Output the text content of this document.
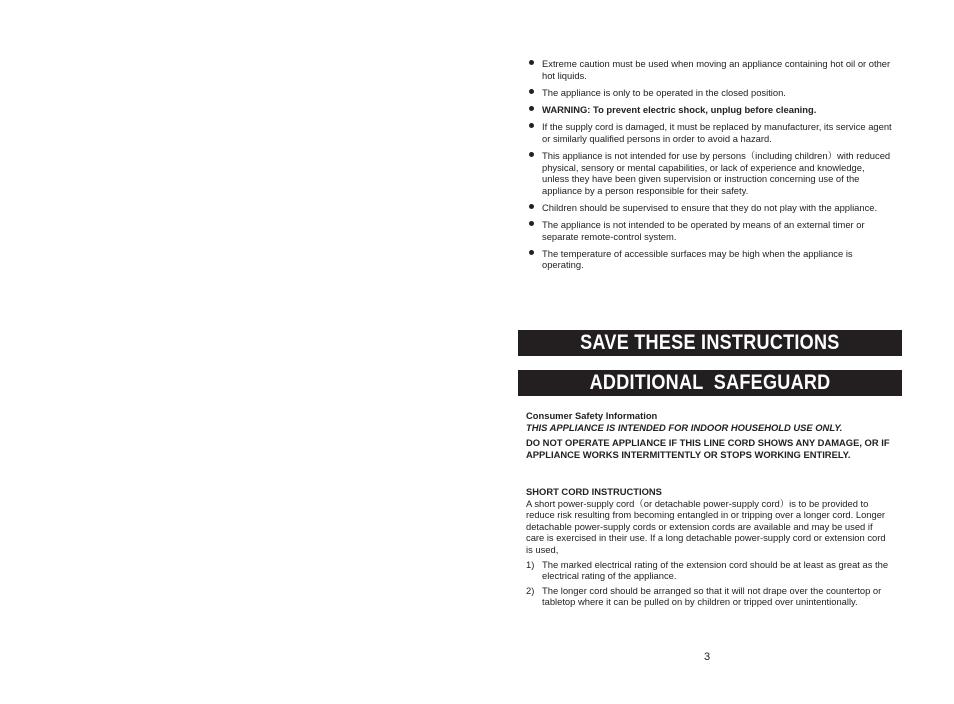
Extreme caution must be used when moving an appliance containing hot oil or other hot liquids.
The appliance is only to be operated in the closed position.
WARNING: To prevent electric shock, unplug before cleaning.
If the supply cord is damaged, it must be replaced by manufacturer, its service agent or similarly qualified persons in order to avoid a hazard.
This appliance is not intended for use by persons（including children）with reduced physical, sensory or mental capabilities, or lack of experience and knowledge, unless they have been given supervision or instruction concerning use of the appliance by a person responsible for their safety.
Children should be supervised to ensure that they do not play with the appliance.
The appliance is not intended to be operated by means of an external timer or separate remote-control system.
The temperature of accessible surfaces may be high when the appliance is operating.
SAVE THESE INSTRUCTIONS
ADDITIONAL  SAFEGUARD
Consumer Safety Information
THIS APPLIANCE IS INTENDED FOR INDOOR HOUSEHOLD USE ONLY.
DO NOT OPERATE APPLIANCE IF THIS LINE CORD SHOWS ANY DAMAGE, OR IF APPLIANCE WORKS INTERMITTENTLY OR STOPS WORKING ENTIRELY.
SHORT CORD INSTRUCTIONS
A short power-supply cord（or detachable power-supply cord）is to be provided to reduce risk resulting from becoming entangled in or tripping over a longer cord. Longer detachable power-supply cords or extension cords are available and may be used if care is exercised in their use. If a long detachable power-supply cord or extension cord is used,
1) The marked electrical rating of the extension cord should be at least as great as the electrical rating of the appliance.
2) The longer cord should be arranged so that it will not drape over the countertop or tabletop where it can be pulled on by children or tripped over unintentionally.
3
